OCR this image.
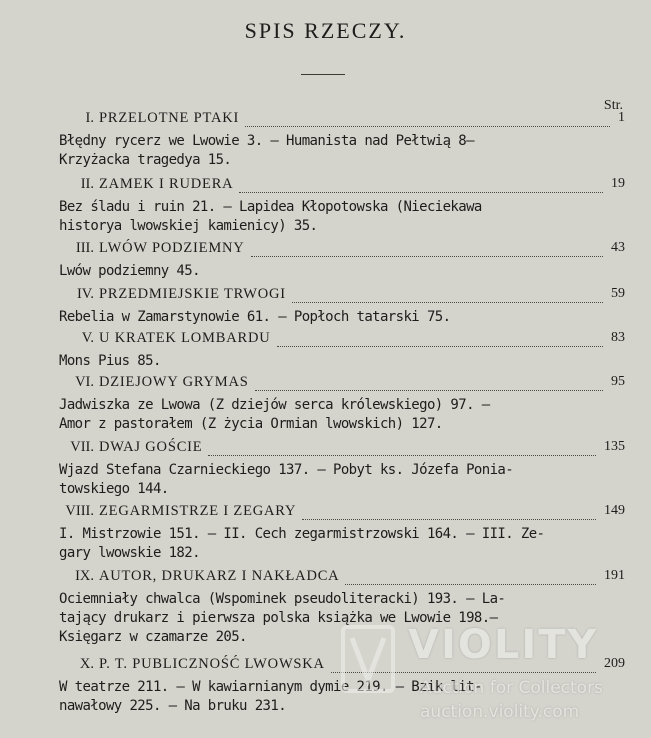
SPIS RZECZY.
Str.
I. PRZELOTNE PTAKI	1
Błędny rycerz we Lwowie 3. — Humanista nad Pełtwią 8—
Krzyżacka tragedya 15.
II. ZAMEK I RUDERA	19
Bez śladu i ruin 21. — Lapidea Kłopotowska (Nieciekawa
historya lwowskiej kamienicy) 35.
III. LWÓW PODZIEMNY	43
Lwów podziemny 45.
IV. PRZEDMIEJSKIE TRWOGI	59
Rebelia w Zamarstynowie 61. — Popłoch tatarski 75.
V. U KRATEK LOMBARDU	83
Mons Pius 85.
VI. DZIEJOWY GRYMAS	95
Jadwiszka ze Lwowa (Z dziejów serca królewskiego) 97. —
Amor z pastorałem (Z życia Ormian lwowskich) 127.
VII. DWAJ GOŚCIE	135
Wjazd Stefana Czarnieckiego 137. — Pobyt ks. Józefa Ponia-
towskiego 144.
VIII. ZEGARMISTRZE I ZEGARY	149
I. Mistrzowie 151. — II. Cech zegarmistrzowski 164. — III. Ze-
gary lwowskie 182.
IX. AUTOR, DRUKARZ I NAKŁADCA	191
Ociemniały chwalca (Wspominek pseudoliteracki) 193. — La-
tający drukarz i pierwsza polska książka we Lwowie 198.—
Księgarz w czamarze 205.
X. P. T. PUBLICZNOŚĆ LWOWSKA	209
W teatrze 211. — W kawiarnianym dymie 219. — Bzik lit-
nawałowy 225. — Na bruku 231.
VIOLITY
Auction for Collectors
auction.violity.com
